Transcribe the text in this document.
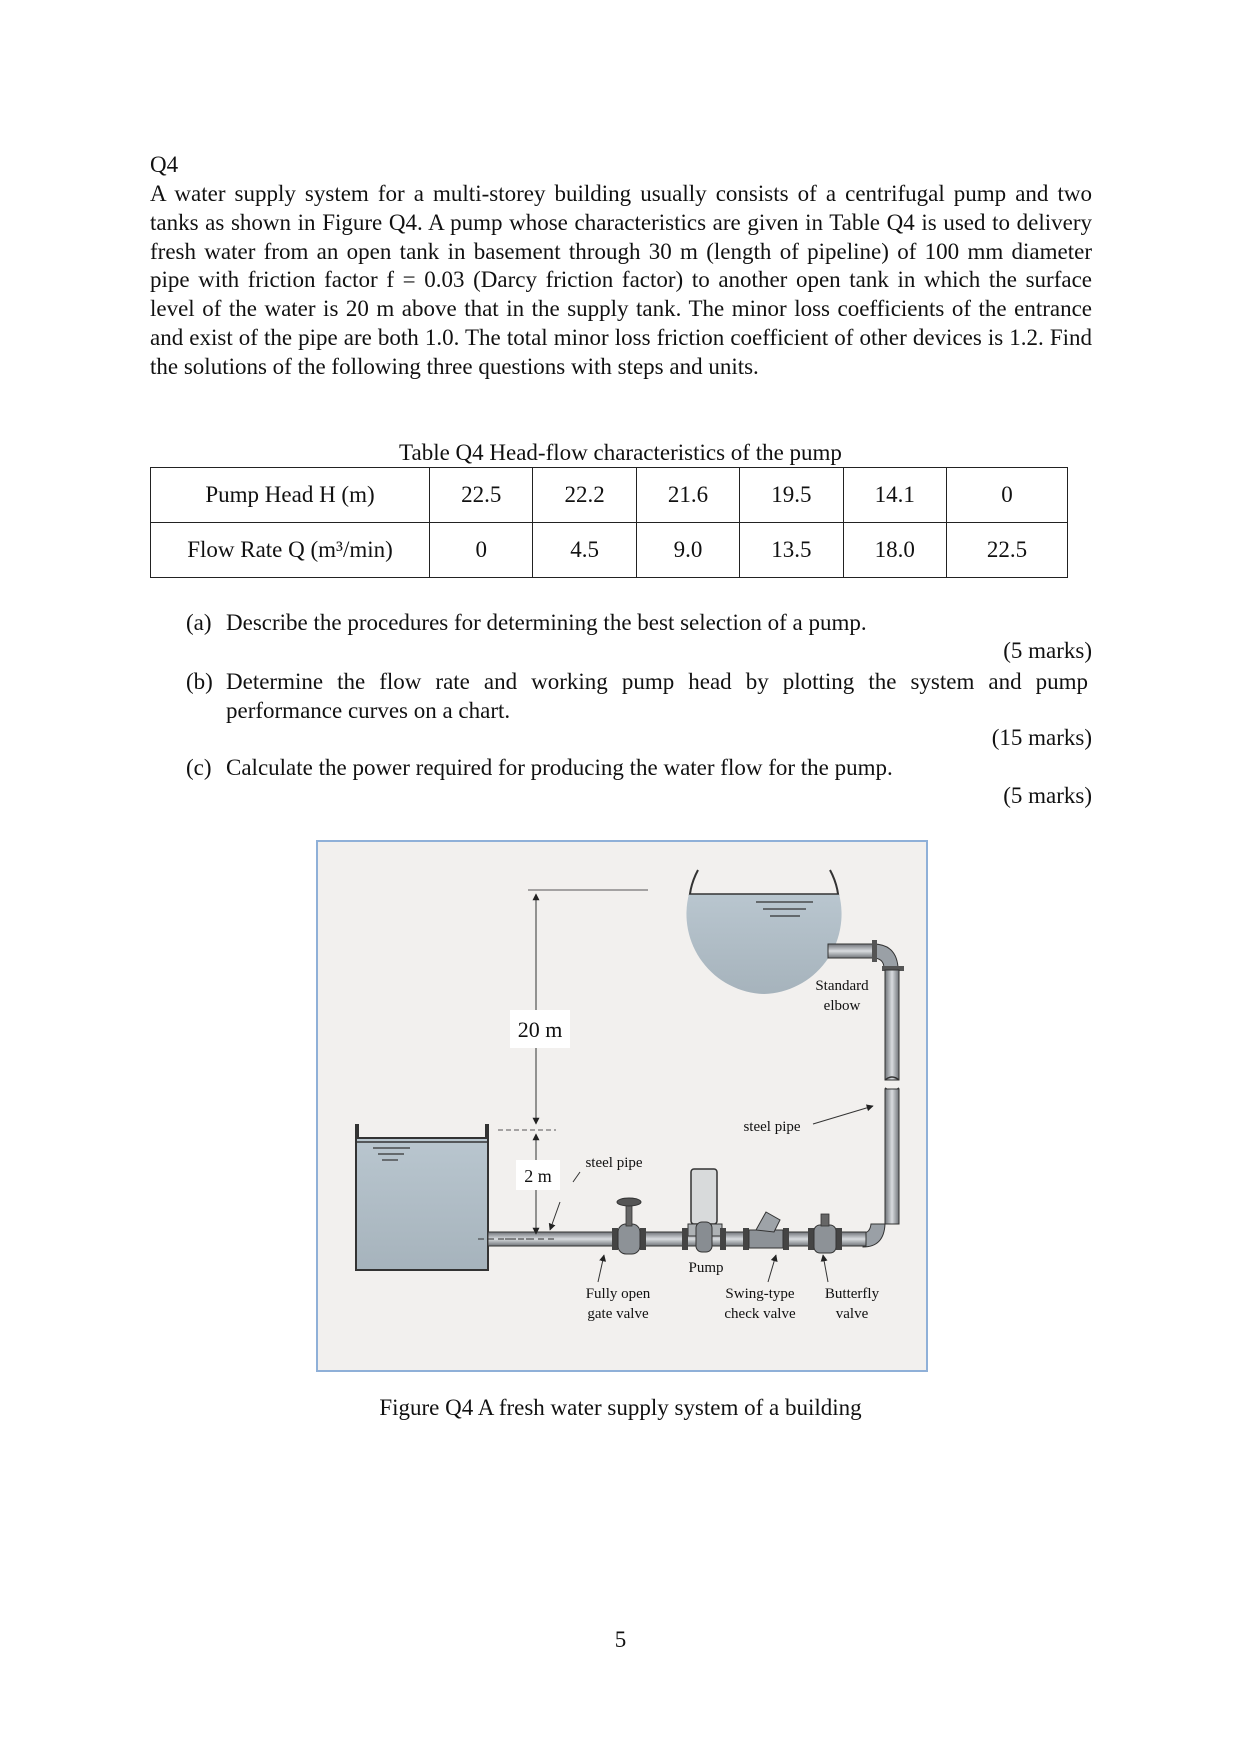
Q4

A water supply system for a multi-storey building usually consists of a centrifugal pump and two tanks as shown in Figure Q4. A pump whose characteristics are given in Table Q4 is used to delivery fresh water from an open tank in basement through 30 m (length of pipeline) of 100 mm diameter pipe with friction factor f = 0.03 (Darcy friction factor) to another open tank in which the surface level of the water is 20 m above that in the supply tank. The minor loss coefficients of the entrance and exist of the pipe are both 1.0. The total minor loss friction coefficient of other devices is 1.2. Find the solutions of the following three questions with steps and units.

Table Q4 Head-flow characteristics of the pump
Pump Head H (m)	22.5	22.2	21.6	19.5	14.1	0
Flow Rate Q (m³/min)	0	4.5	9.0	13.5	18.0	22.5
(a) Describe the procedures for determining the best selection of a pump.
(5 marks)
(b) Determine the flow rate and working pump head by plotting the system and pump
performance curves on a chart.
(15 marks)
(c) Calculate the power required for producing the water flow for the pump.
(5 marks)
20 m
2 m
Standard
elbow
steel pipe
steel pipe
Pump
Fully open
gate valve
Swing-type
check valve
Butterfly
valve
Figure Q4 A fresh water supply system of a building
5
